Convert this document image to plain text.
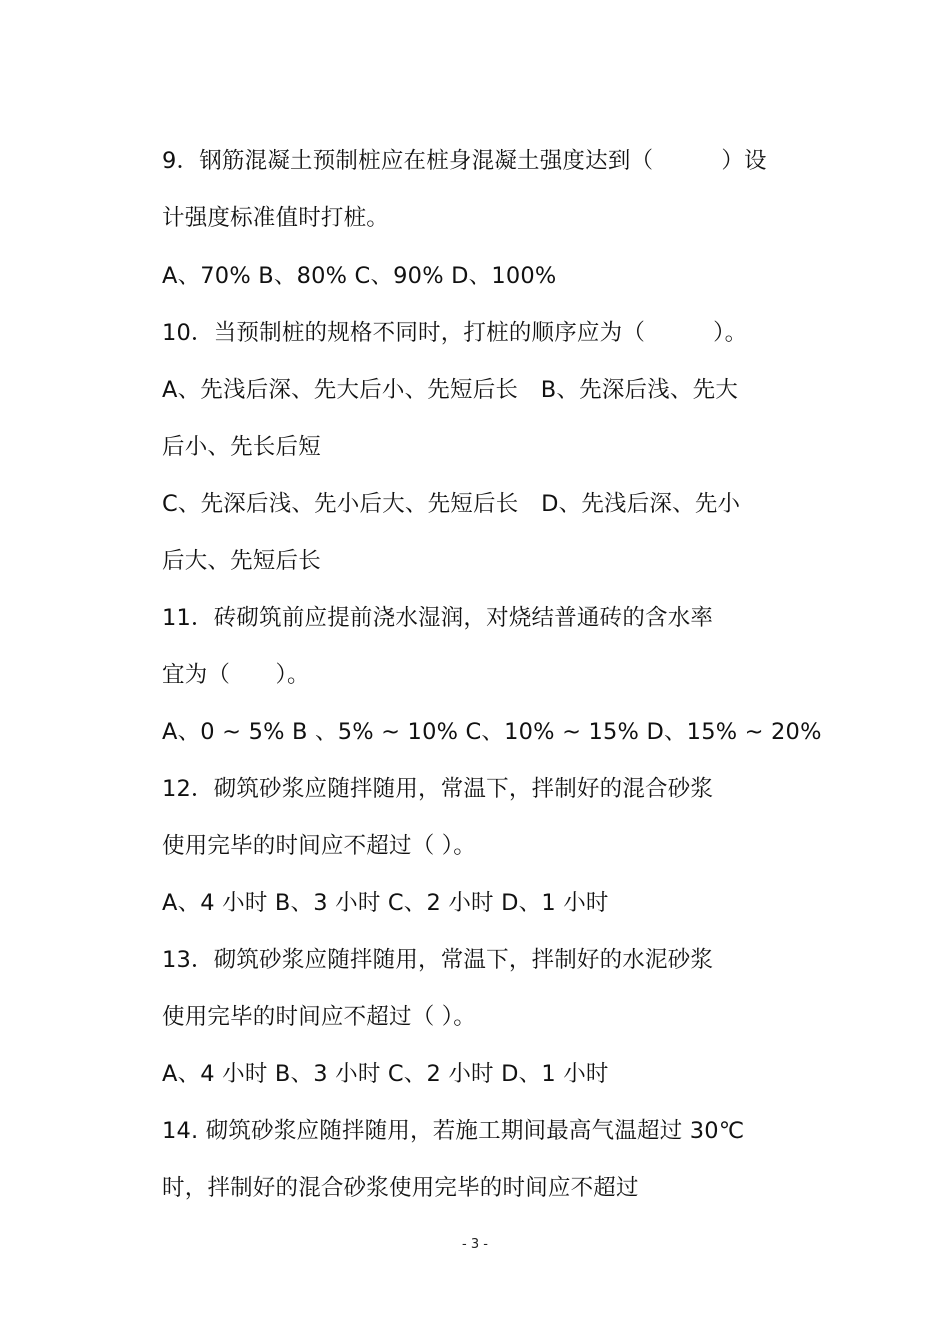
9．钢筋混凝土预制桩应在桩身混凝土强度达到（　　　）设
计强度标准值时打桩。
A、70% B、80% C、90% D、100%
10．当预制桩的规格不同时，打桩的顺序应为（　　　）。
A、先浅后深、先大后小、先短后长　B、先深后浅、先大
后小、先长后短
C、先深后浅、先小后大、先短后长　D、先浅后深、先小
后大、先短后长
11．砖砌筑前应提前浇水湿润，对烧结普通砖的含水率
宜为（　　）。
A、0 ~ 5% B 、5% ~ 10% C、10% ~ 15% D、15% ~ 20%
12．砌筑砂浆应随拌随用，常温下，拌制好的混合砂浆
使用完毕的时间应不超过（ ）。
A、4 小时 B、3 小时 C、2 小时 D、1 小时
13．砌筑砂浆应随拌随用，常温下，拌制好的水泥砂浆
使用完毕的时间应不超过（ ）。
A、4 小时 B、3 小时 C、2 小时 D、1 小时
14. 砌筑砂浆应随拌随用，若施工期间最高气温超过 30℃
时，拌制好的混合砂浆使用完毕的时间应不超过
- 3 -
